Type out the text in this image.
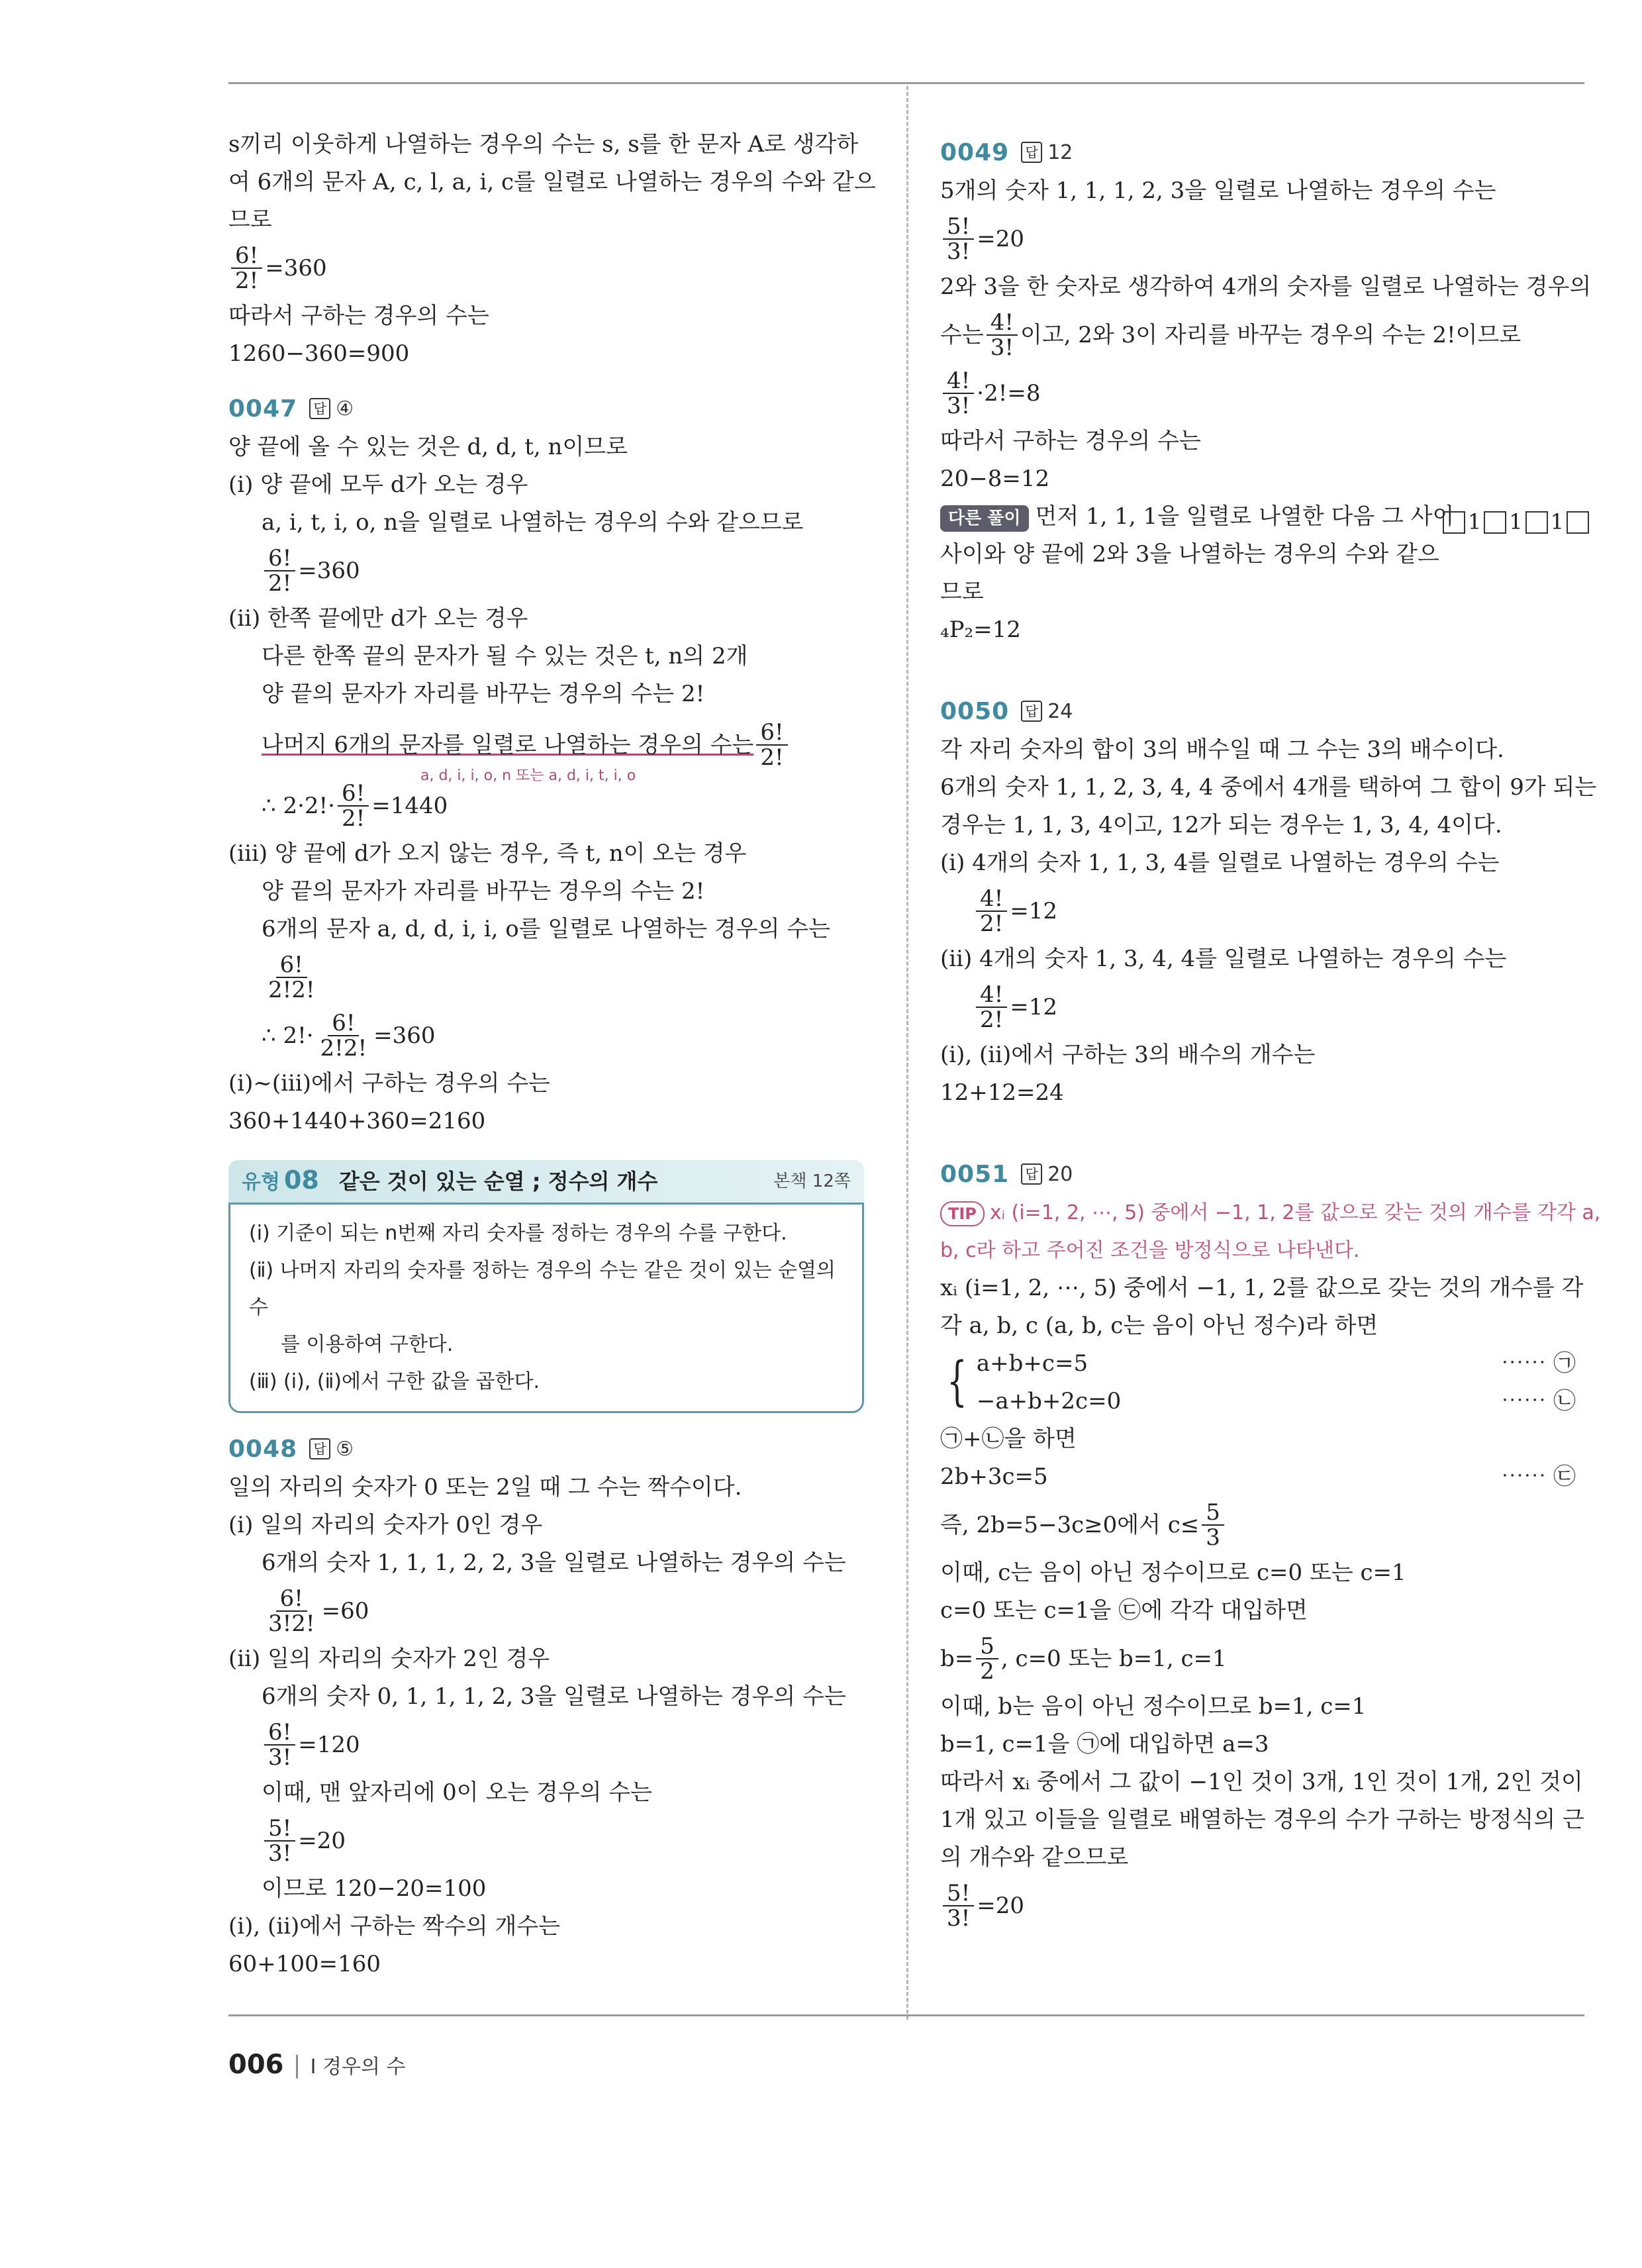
s끼리 이웃하게 나열하는 경우의 수는 s, s를 한 문자 A로 생각하
여 6개의 문자 A, c, l, a, i, c를 일렬로 나열하는 경우의 수와 같으
므로
$\frac{6!}{2!} =360$
따라서 구하는 경우의 수는
1260−360=900
0047	답 ④
양 끝에 올 수 있는 것은 d, d, t, n이므로
(ⅰ) 양 끝에 모두 d가 오는 경우
a, i, t, i, o, n을 일렬로 나열하는 경우의 수와 같으므로
$\frac{6!}{2!} =360$
(ⅱ) 한쪽 끝에만 d가 오는 경우
다른 한쪽 끝의 문자가 될 수 있는 것은 t, n의 2개
양 끝의 문자가 자리를 바꾸는 경우의 수는 2!
나머지 6개의 문자를 일렬로 나열하는 경우의 수는 $\frac{6!}{2!}$
a, d, i, i, o, n 또는 a, d, i, t, i, o
∴ $2\cdot 2!\cdot \frac{6!}{2!} =1440$
(ⅲ) 양 끝에 d가 오지 않는 경우, 즉 t, n이 오는 경우
양 끝의 문자가 자리를 바꾸는 경우의 수는 2!
6개의 문자 a, d, d, i, i, o를 일렬로 나열하는 경우의 수는
$\frac{6!}{2!2!}$
∴ $2!\cdot \frac{6!}{2!2!} =360$
(ⅰ)~(ⅲ)에서 구하는 경우의 수는
360+1440+360=2160
유형 08 같은 것이 있는 순열 ; 정수의 개수	본책 12쪽
(ⅰ) 기준이 되는 n번째 자리 숫자를 정하는 경우의 수를 구한다.
(ⅱ) 나머지 자리의 숫자를 정하는 경우의 수는 같은 것이 있는 순열의 수
를 이용하여 구한다.
(ⅲ) (ⅰ), (ⅱ)에서 구한 값을 곱한다.
0048	답 ⑤
일의 자리의 숫자가 0 또는 2일 때 그 수는 짝수이다.
(ⅰ) 일의 자리의 숫자가 0인 경우
6개의 숫자 1, 1, 1, 2, 2, 3을 일렬로 나열하는 경우의 수는
$\frac{6!}{3!2!} =60$
(ⅱ) 일의 자리의 숫자가 2인 경우
6개의 숫자 0, 1, 1, 1, 2, 3을 일렬로 나열하는 경우의 수는
$\frac{6!}{3!} =120$
이때, 맨 앞자리에 0이 오는 경우의 수는
$\frac{5!}{3!} =20$
이므로 120−20=100
(ⅰ), (ⅱ)에서 구하는 짝수의 개수는
60+100=160
0049	답 12
5개의 숫자 1, 1, 1, 2, 3을 일렬로 나열하는 경우의 수는
$\frac{5!}{3!} =20$
2와 3을 한 숫자로 생각하여 4개의 숫자를 일렬로 나열하는 경우의
수는 $\frac{4!}{3!}$ 이고, 2와 3이 자리를 바꾸는 경우의 수는 2!이므로
$\frac{4!}{3!} \cdot 2!=8$
따라서 구하는 경우의 수는
20−8=12
다른 풀이 먼저 1, 1, 1을 일렬로 나열한 다음 그 사이 1 1 1
사이와 양 끝에 2와 3을 나열하는 경우의 수와 같으
므로
₄P₂=12
0050	답 24
각 자리 숫자의 합이 3의 배수일 때 그 수는 3의 배수이다.
6개의 숫자 1, 1, 2, 3, 4, 4 중에서 4개를 택하여 그 합이 9가 되는
경우는 1, 1, 3, 4이고, 12가 되는 경우는 1, 3, 4, 4이다.
(ⅰ) 4개의 숫자 1, 1, 3, 4를 일렬로 나열하는 경우의 수는
$\frac{4!}{2!} =12$
(ⅱ) 4개의 숫자 1, 3, 4, 4를 일렬로 나열하는 경우의 수는
$\frac{4!}{2!} =12$
(ⅰ), (ⅱ)에서 구하는 3의 배수의 개수는
12+12=24
0051	답 20
TIP xᵢ (i=1, 2, ⋯, 5) 중에서 −1, 1, 2를 값으로 갖는 것의 개수를 각각 a,
b, c라 하고 주어진 조건을 방정식으로 나타낸다.
xᵢ (i=1, 2, ⋯, 5) 중에서 −1, 1, 2를 값으로 갖는 것의 개수를 각
각 a, b, c (a, b, c는 음이 아닌 정수)라 하면
{ a+b+c=5	⋯⋯ ㉠
−a+b+2c=0	⋯⋯ ㉡
㉠+㉡을 하면
2b+3c=5	⋯⋯ ㉢
즉, 2b=5−3c≥0에서 $c\le \frac{5}{3}$
이때, c는 음이 아닌 정수이므로 c=0 또는 c=1
c=0 또는 c=1을 ㉢에 각각 대입하면
$b= \frac{5}{2}$ , c=0 또는 b=1, c=1
이때, b는 음이 아닌 정수이므로 b=1, c=1
b=1, c=1을 ㉠에 대입하면 a=3
따라서 xᵢ 중에서 그 값이 −1인 것이 3개, 1인 것이 1개, 2인 것이
1개 있고 이들을 일렬로 배열하는 경우의 수가 구하는 방정식의 근
의 개수와 같으므로
$\frac{5!}{3!} =20$
006 | Ⅰ 경우의 수
